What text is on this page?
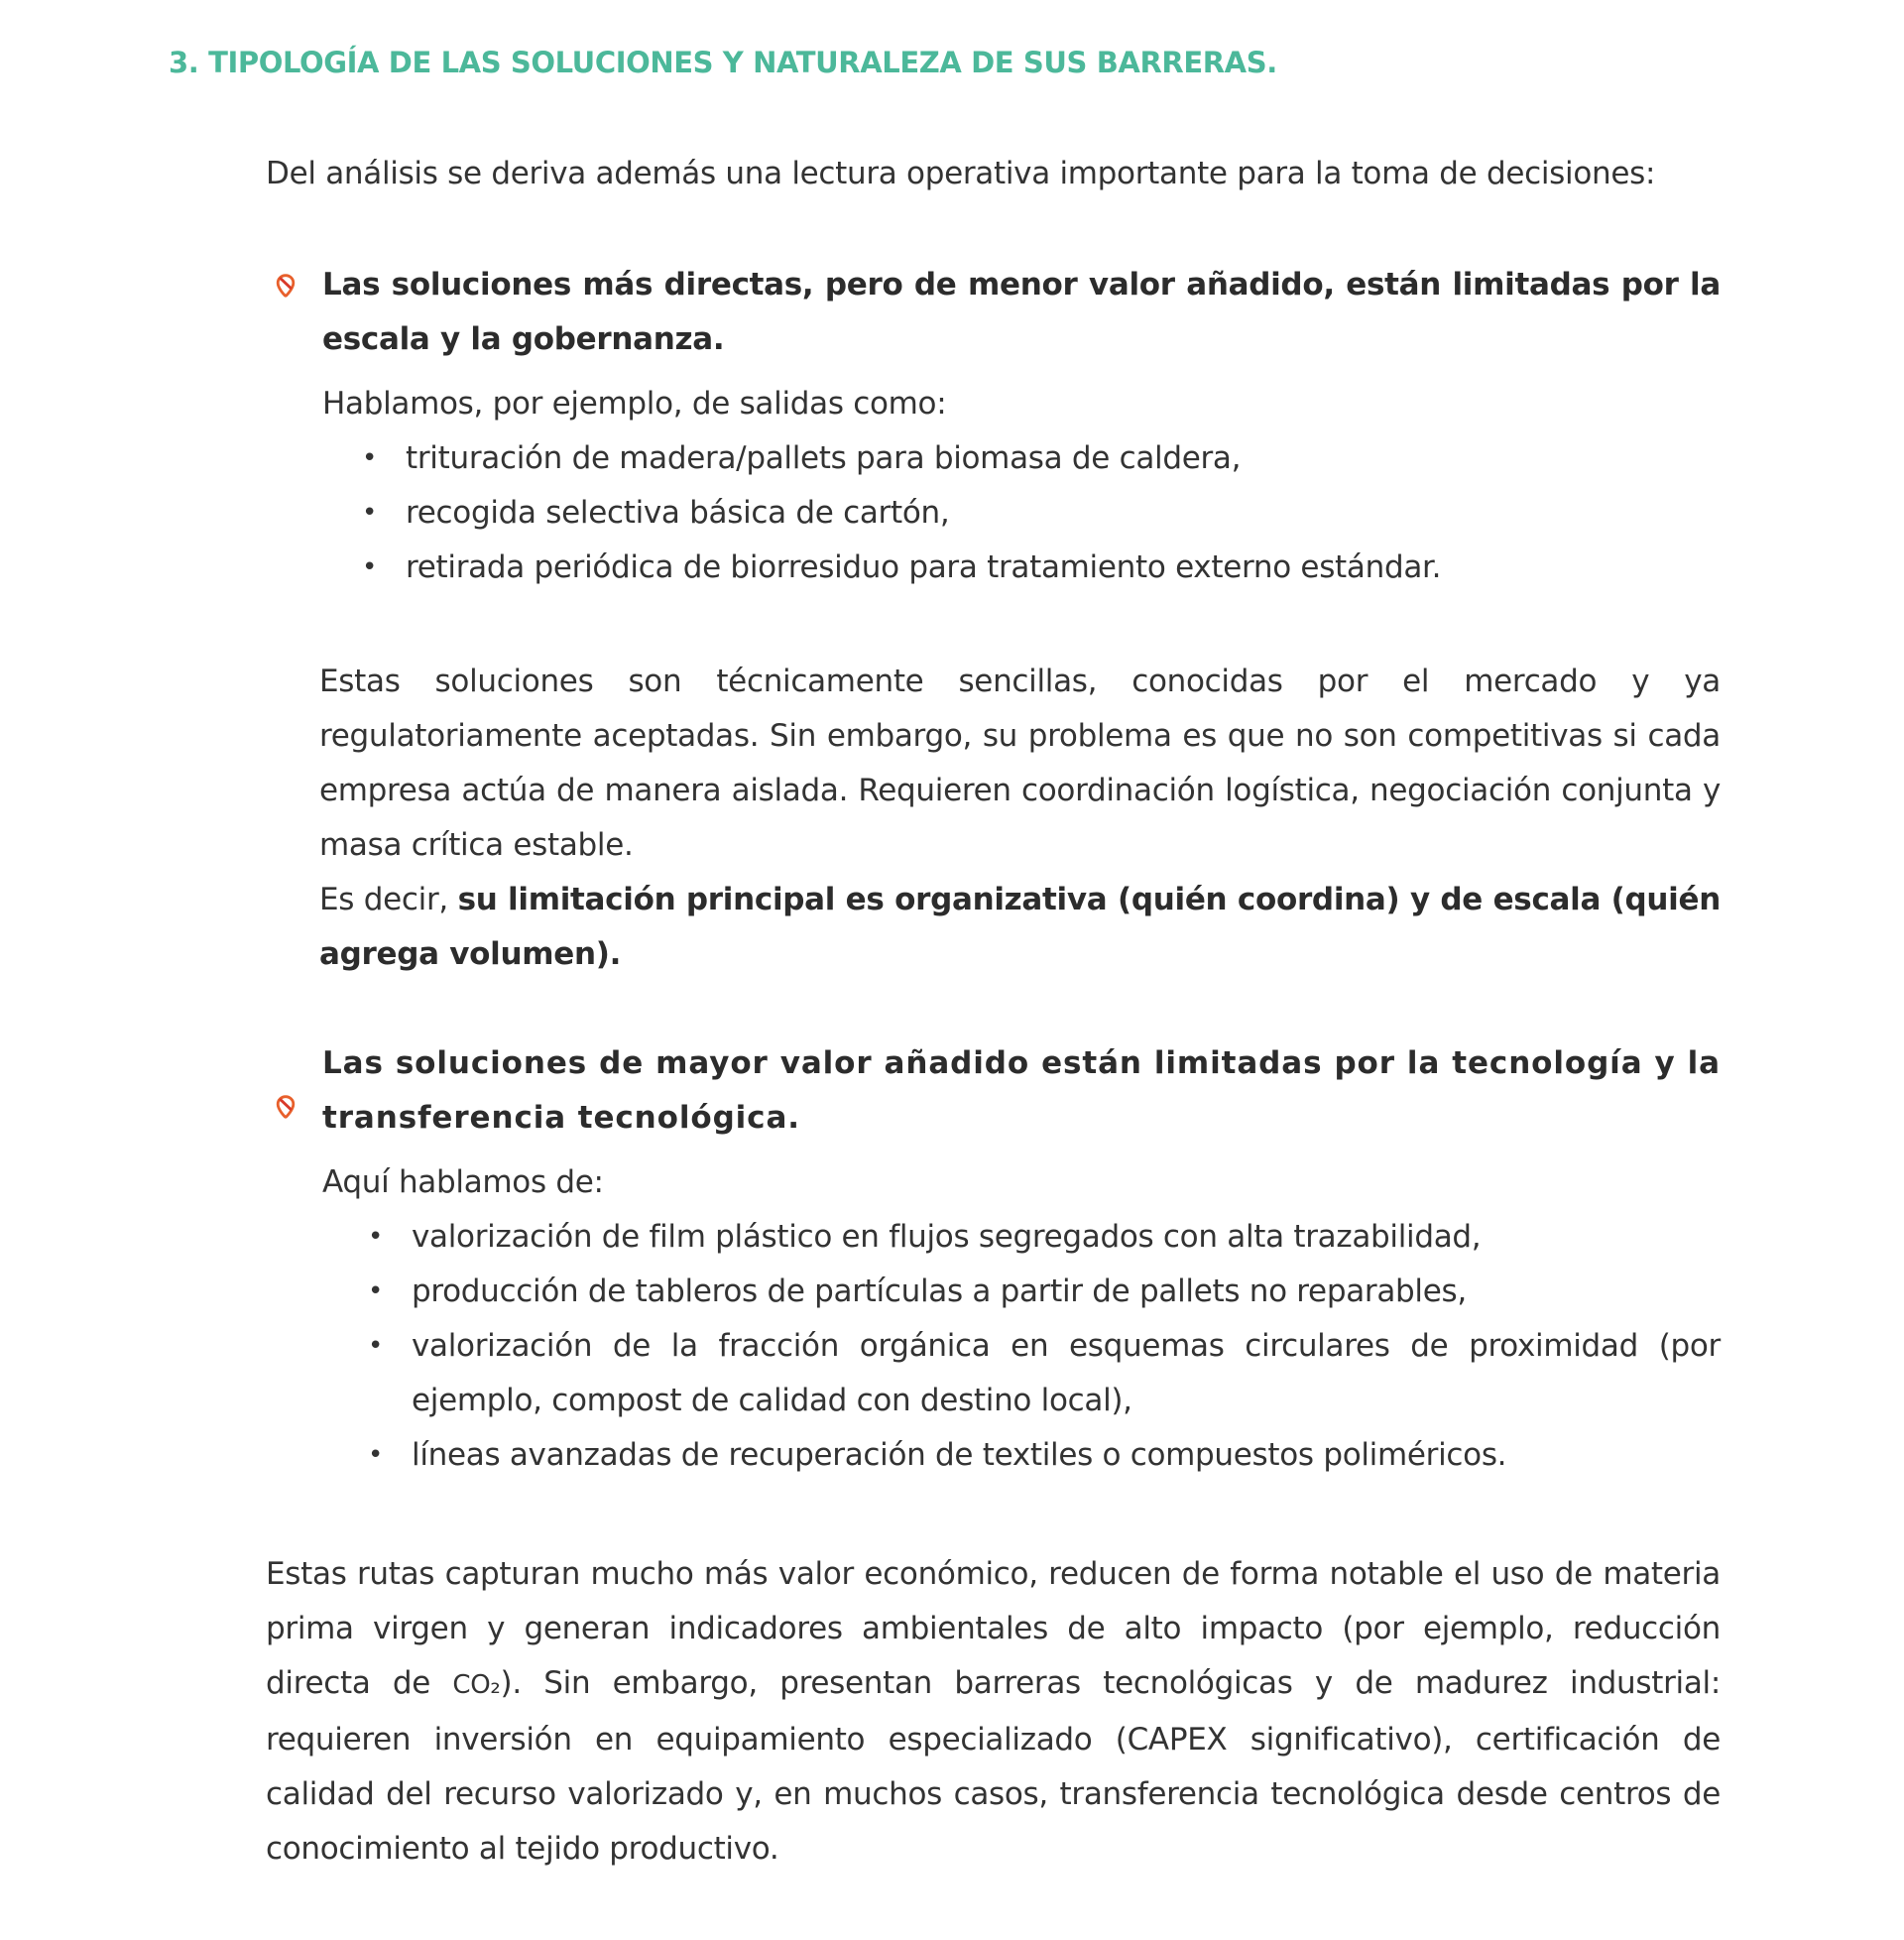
3. TIPOLOGÍA DE LAS SOLUCIONES Y NATURALEZA DE SUS BARRERAS.

Del análisis se deriva además una lectura operativa importante para la toma de decisiones:

Las soluciones más directas, pero de menor valor añadido, están limitadas por la escala y la gobernanza.

Hablamos, por ejemplo, de salidas como:

• trituración de madera/pallets para biomasa de caldera,
• recogida selectiva básica de cartón,
• retirada periódica de biorresiduo para tratamiento externo estándar.

Estas soluciones son técnicamente sencillas, conocidas por el mercado y ya regulatoriamente aceptadas. Sin embargo, su problema es que no son competitivas si cada empresa actúa de manera aislada. Requieren coordinación logística, negociación conjunta y masa crítica estable.

Es decir, su limitación principal es organizativa (quién coordina) y de escala (quién agrega volumen).

Las soluciones de mayor valor añadido están limitadas por la tecnología y la transferencia tecnológica.

Aquí hablamos de:

• valorización de film plástico en flujos segregados con alta trazabilidad,
• producción de tableros de partículas a partir de pallets no reparables,
• valorización de la fracción orgánica en esquemas circulares de proximidad (por ejemplo, compost de calidad con destino local),
• líneas avanzadas de recuperación de textiles o compuestos poliméricos.

Estas rutas capturan mucho más valor económico, reducen de forma notable el uso de materia prima virgen y generan indicadores ambientales de alto impacto (por ejemplo, reducción directa de CO₂). Sin embargo, presentan barreras tecnológicas y de madurez industrial: requieren inversión en equipamiento especializado (CAPEX significativo), certificación de calidad del recurso valorizado y, en muchos casos, transferencia tecnológica desde centros de conocimiento al tejido productivo.
